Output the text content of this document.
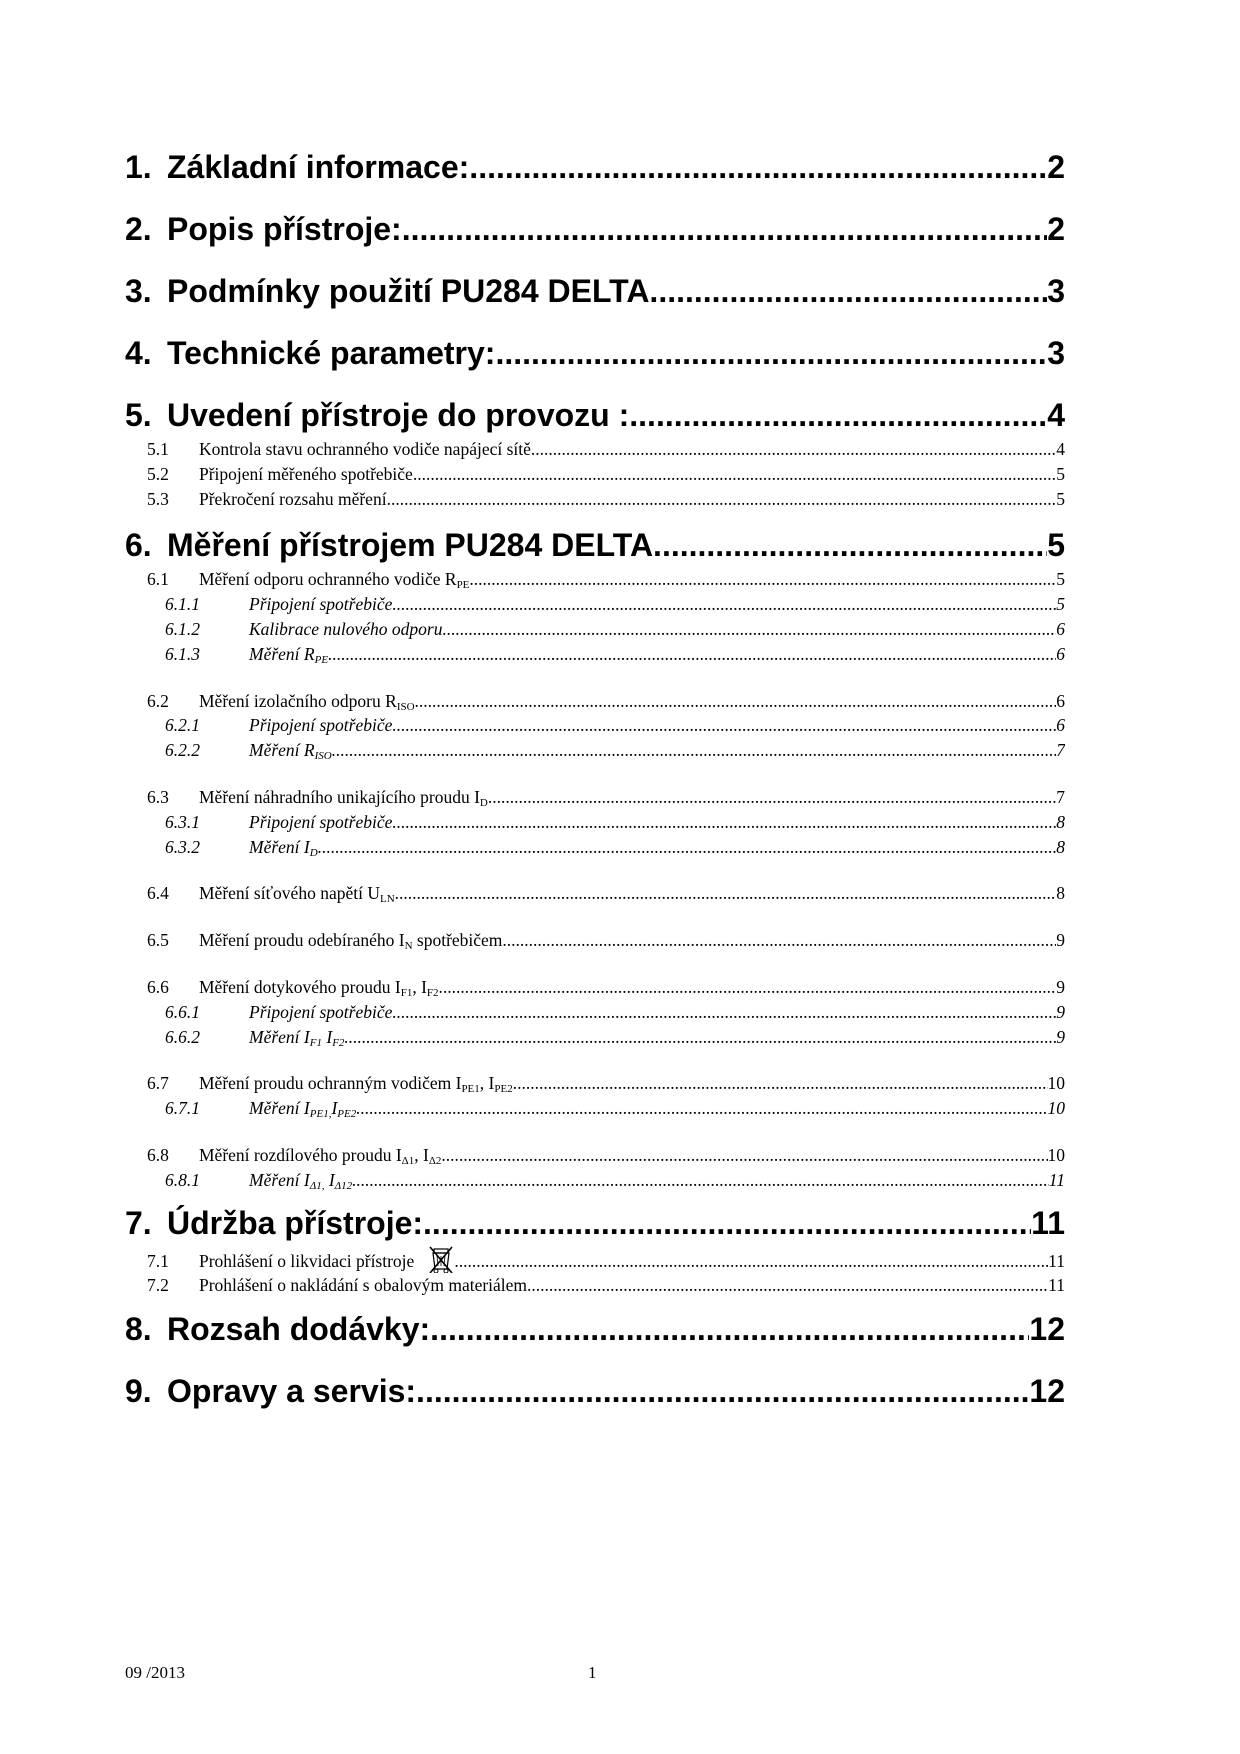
1. Základní informace: .....	2
2. Popis přístroje: .....	2
3. Podmínky použití PU284 DELTA .....	3
4. Technické parametry: .....	3
5. Uvedení přístroje do provozu : .....	4
5.1	Kontrola stavu ochranného vodiče napájecí sítě .....	4
5.2	Připojení měřeného spotřebiče .....	5
5.3	Překročení rozsahu měření .....	5
6. Měření přístrojem PU284 DELTA .....	5
6.1	Měření odporu ochranného vodiče $R_{PE}$ .....	5
6.1.1	Připojení spotřebiče .....	5
6.1.2	Kalibrace nulového odporu .....	6
6.1.3	Měření $R_{PE}$ .....	6
6.2	Měření izolačního odporu $R_{ISO}$ .....	6
6.2.1	Připojení spotřebiče .....	6
6.2.2	Měření $R_{ISO}$ .....	7
6.3	Měření náhradního unikajícího proudu $I_D$ .....	7
6.3.1	Připojení spotřebiče .....	8
6.3.2	Měření $I_D$ .....	8
6.4	Měření síťového napětí $U_{LN}$ .....	8
6.5	Měření proudu odebíraného $I_N$ spotřebičem .....	9
6.6	Měření dotykového proudu $I_{F1}$, $I_{F2}$ .....	9
6.6.1	Připojení spotřebiče .....	9
6.6.2	Měření $I_{F1}$ $I_{F2}$ .....	9
6.7	Měření proudu ochranným vodičem $I_{PE1}$, $I_{PE2}$ .....	10
6.7.1	Měření $I_{PE1,}I_{PE2}$ .....	10
6.8	Měření rozdílového proudu $I_{\Delta 1}$, $I_{\Delta 2}$ .....	10
6.8.1	Měření $I_{\Delta 1,}$ $I_{\Delta 12}$ .....	11
7. Údržba přístroje: .....	11
7.1	Prohlášení o likvidaci přístroje .....	11
7.2	Prohlášení o nakládání s obalovým materiálem .....	11
8. Rozsah dodávky: .....	12
9. Opravy a servis: .....	12
09 /2013	1
